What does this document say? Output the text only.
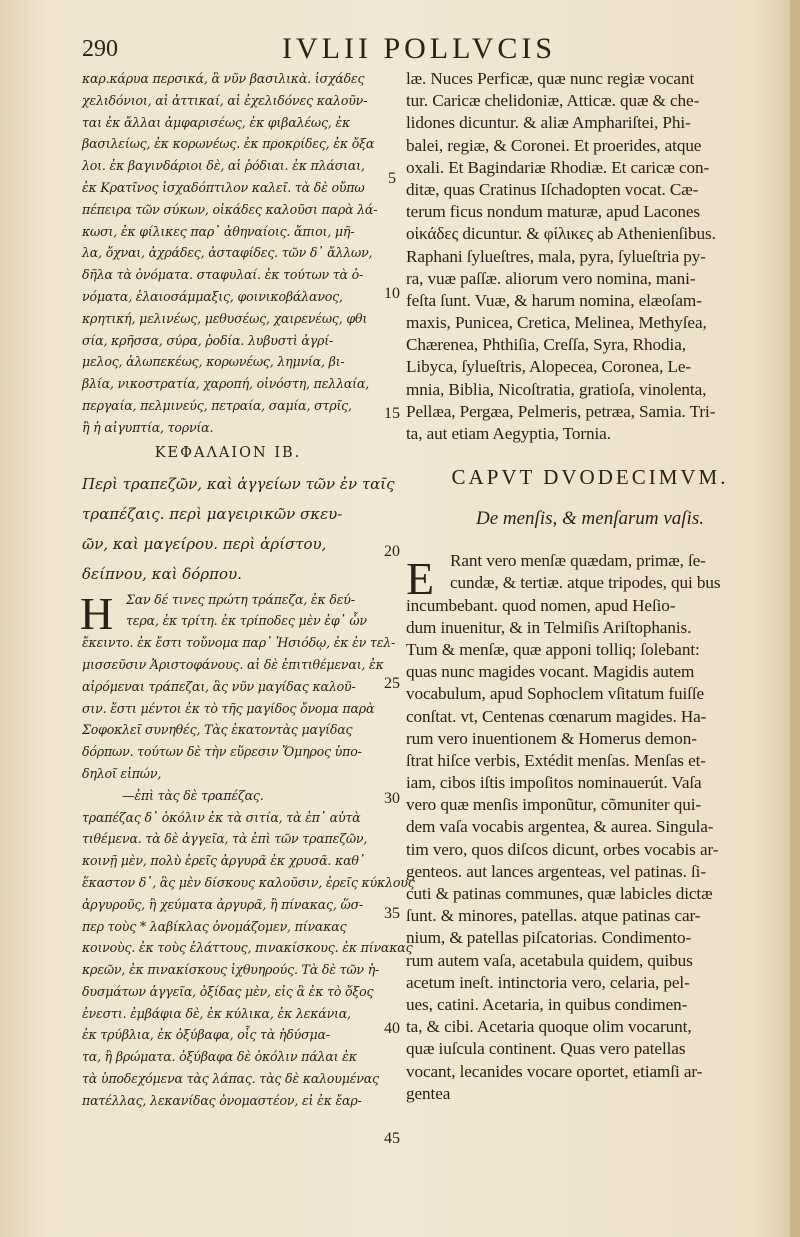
290	IVLII POLLVCIS
καρ.κάρυα περσικά, ἃ νῦν βασιλικὰ. ἰσχάδες
χελιδόνιοι, αἱ ἀττικαί, αἱ ἐχελιδόνες καλοῦν-
ται ἐκ ἄλλαι ἀμφαρισέως, ἐκ φιβαλέως, ἐκ
βασιλείως, ἐκ κορωνέως. ἐκ προκρίδες, ἐκ ὄξα
λοι. ἐκ βαγινδάριοι δὲ, αἱ ῥόδιαι. ἐκ πλάσιαι,
ἐκ Κρατῖνος ἰσχαδόπτιλον καλεῖ. τὰ δὲ οὔπω
πέπειρα τῶν σύκων, οἰκάδες καλοῦσι παρὰ λά-
κωσι, ἐκ φίλικες παρ᾽ ἀθηναίοις. ἄπιοι, μῆ-
λα, ὄχναι, ἀχράδες, ἀσταφίδες. τῶν δ᾽ ἄλλων,
δῆλα τὰ ὀνόματα. σταφυλαί. ἐκ τούτων τὰ ὀ-
νόματα, ἐλαιοσάμμαξις, φοινικοβάλανος,
κρητική, μελινέως, μεθυσέως, χαιρενέως, φθι
σία, κρῆσσα, σύρα, ῥοδία. λυβυστὶ ἀγρί-
μελος, ἀλωπεκέως, κορωνέως, λημνία, βι-
βλία, νικοστρατία, χαροπή, οἰνόστη, πελλαία,
περγαία, πελμινεύς, πετραία, σαμία, στρῖς,
ἢ ἡ αἰγυπτία, τορνία.
ΚΕΦΑΛΑΙΟΝ ΙΒ.
Περὶ τραπεζῶν, καὶ ἀγγείων τῶν ἐν ταῖς
τραπέζαις. περὶ μαγειρικῶν σκευ-
ῶν, καὶ μαγείρου. περὶ ἀρίστου,
δείπνου, καὶ δόρπου.
Η	Σαν δέ τινες πρώτη τράπεζα, ἐκ δεύ-
τερα, ἐκ τρίτη. ἐκ τρίποδες μὲν ἐφ᾽ ὧν
ἔκειντο. ἐκ ἔστι τοὔνομα παρ᾽ Ἡσιόδῳ, ἐκ ἐν τελ-
μισσεῦσιν Ἀριστοφάνους. αἱ δὲ ἐπιτιθέμεναι, ἐκ
αἰρόμεναι τράπεζαι, ἃς νῦν μαγίδας καλοῦ-
σιν. ἔστι μέντοι ἐκ τὸ τῆς μαγίδος ὄνομα παρὰ
Σοφοκλεῖ συνηθές, Τὰς ἑκατοντὰς μαγίδας
δόρπων. τούτων δὲ τὴν εὕρεσιν Ὅμηρος ὑπο-
δηλοῖ εἰπών,
—ἐπὶ τὰς δὲ τραπέζας.
τραπέζας δ᾽ ὁκόλιν ἐκ τὰ σιτία, τὰ ἐπ᾽ αὐτὰ
τιθέμενα. τὰ δὲ ἀγγεῖα, τὰ ἐπὶ τῶν τραπεζῶν,
κοινῇ μὲν, πολὺ ἐρεῖς ἀργυρᾶ ἐκ χρυσᾶ. καθ᾽
ἕκαστον δ᾽, ἃς μὲν δίσκους καλοῦσιν, ἐρεῖς κύκλους
ἀργυροῦς, ἢ χεύματα ἀργυρᾶ, ἢ πίνακας, ὥσ-
περ τοὺς * λαβίκλας ὀνομάζομεν, πίνακας
κοινοὺς. ἐκ τοὺς ἐλάττους, πινακίσκους. ἐκ πίνακας
κρεῶν, ἐκ πινακίσκους ἰχθυηρούς. Τὰ δὲ τῶν ἡ-
δυσμάτων ἀγγεῖα, ὀξίδας μὲν, εἰς ἃ ἐκ τὸ ὄξος
ἐνεστι. ἐμβάφια δὲ, ἐκ κύλικα, ἐκ λεκάνια,
ἐκ τρύβλια, ἐκ ὀξύβαφα, οἷς τὰ ἡδύσμα-
τα, ἢ βρώματα. ὀξύβαφα δὲ ὁκόλιν πάλαι ἐκ
τὰ ὑποδεχόμενα τὰς λάπας. τὰς δὲ καλουμένας
πατέλλας, λεκανίδας ὀνομαστέον, εἰ ἐκ ἔαρ-
5
10
15
20
25
30
35
40
45
læ. Nuces Perficæ, quæ nunc regiæ vocant
tur. Caricæ chelidoniæ, Atticæ. quæ & che-
lidones dicuntur. & aliæ Amphariſtei, Phi-
balei, regiæ, & Coronei. Et proerides, atque
oxali. Et Bagindariæ Rhodiæ. Et caricæ con-
ditæ, quas Cratinus Iſchadopten vocat. Cæ-
terum ficus nondum maturæ, apud Lacones
οἰκάδες dicuntur. & φίλικες ab Athenienſibus.
Raphani ſylueſtres, mala, pyra, ſylueſtria py-
ra, vuæ paſſæ. aliorum vero nomina, mani-
feſta ſunt. Vuæ, & harum nomina, elæoſam-
maxis, Punicea, Cretica, Melinea, Methyſea,
Chærenea, Phthiſia, Creſſa, Syra, Rhodia,
Libyca, ſylueſtris, Alopecea, Coronea, Le-
mnia, Biblia, Nicoſtratia, gratioſa, vinolenta,
Pellæa, Pergæa, Pelmeris, petræa, Samia. Tri-
ta, aut etiam Aegyptia, Tornia.
CAPVT DVODECIMVM.
De menſis, & menſarum vaſis.
E Rant vero menſæ quædam, primæ, ſe-
cundæ, & tertiæ. atque tripodes, qui bus
incumbebant. quod nomen, apud Heſio-
dum inuenitur, & in Telmiſis Ariſtophanis.
Tum & menſæ, quæ apponi tolliq; ſolebant:
quas nunc magides vocant. Magidis autem
vocabulum, apud Sophoclem vſitatum fuiſſe
conſtat. vt, Centenas cœnarum magides. Ha-
rum vero inuentionem & Homerus demon-
ſtrat hiſce verbis, Extédit menſas. Menſas et-
iam, cibos iſtis impoſitos nominauerút. Vaſa
vero quæ menſis imponũtur, cõmuniter qui-
dem vaſa vocabis argentea, & aurea. Singula-
tim vero, quos diſcos dicunt, orbes vocabis ar-
genteos. aut lances argenteas, vel patinas. ſi-
cuti & patinas communes, quæ labicles dictæ
ſunt. & minores, patellas. atque patinas car-
nium, & patellas piſcatorias. Condimento-
rum autem vaſa, acetabula quidem, quibus
acetum ineſt. intinctoria vero, celaria, pel-
ues, catini. Acetaria, in quibus condimen-
ta, & cibi. Acetaria quoque olim vocarunt,
quæ iuſcula continent. Quas vero patellas
vocant, lecanides vocare oportet, etiamſi ar-
gentea
